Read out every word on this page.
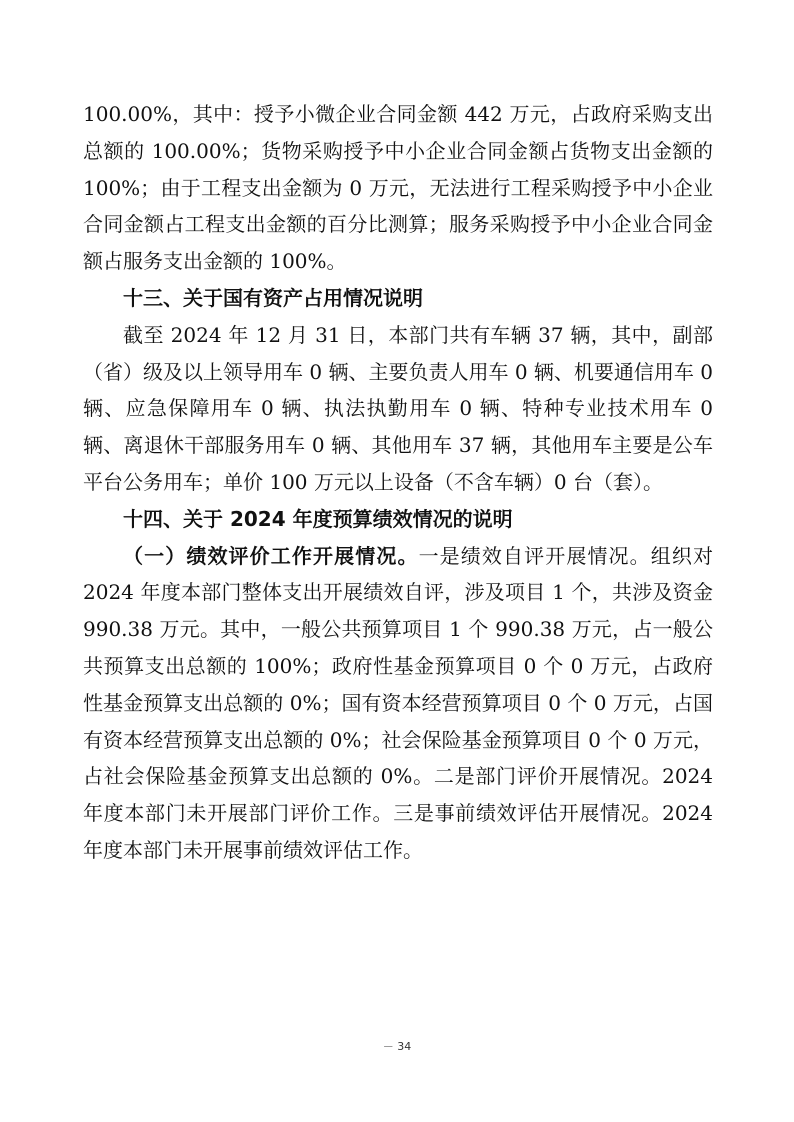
100.00%，其中：授予小微企业合同金额 442 万元，占政府采购支出总额的 100.00%；货物采购授予中小企业合同金额占货物支出金额的 100%；由于工程支出金额为 0 万元，无法进行工程采购授予中小企业合同金额占工程支出金额的百分比测算；服务采购授予中小企业合同金额占服务支出金额的 100%。

十三、关于国有资产占用情况说明

截至 2024 年 12 月 31 日，本部门共有车辆 37 辆，其中，副部（省）级及以上领导用车 0 辆、主要负责人用车 0 辆、机要通信用车 0 辆、应急保障用车 0 辆、执法执勤用车 0 辆、特种专业技术用车 0 辆、离退休干部服务用车 0 辆、其他用车 37 辆，其他用车主要是公车平台公务用车；单价 100 万元以上设备（不含车辆）0 台（套）。

十四、关于 2024 年度预算绩效情况的说明

（一）绩效评价工作开展情况。一是绩效自评开展情况。组织对 2024 年度本部门整体支出开展绩效自评，涉及项目 1 个，共涉及资金 990.38 万元。其中，一般公共预算项目 1 个 990.38 万元，占一般公共预算支出总额的 100%；政府性基金预算项目 0 个 0 万元，占政府性基金预算支出总额的 0%；国有资本经营预算项目 0 个 0 万元，占国有资本经营预算支出总额的 0%；社会保险基金预算项目 0 个 0 万元，占社会保险基金预算支出总额的 0%。二是部门评价开展情况。2024 年度本部门未开展部门评价工作。三是事前绩效评估开展情况。2024 年度本部门未开展事前绩效评估工作。

－ 34
